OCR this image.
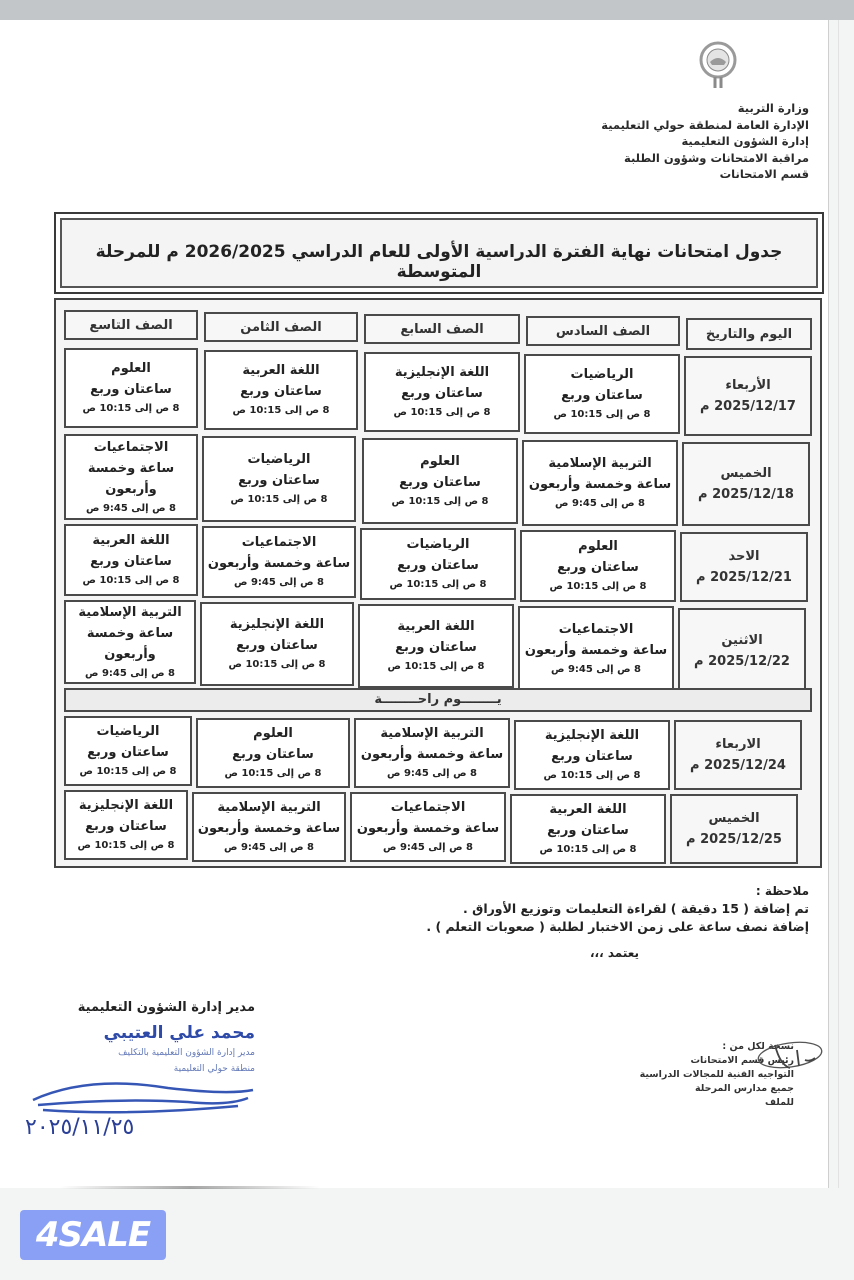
وزارة التربية
الإدارة العامة لمنطقة حولي التعليمية
إدارة الشؤون التعليمية
مراقبة الامتحانات وشؤون الطلبة
قسم الامتحانات
جدول امتحانات نهاية الفترة الدراسية الأولى للعام الدراسي 2026/2025 م للمرحلة المتوسطة
اليوم والتاريخ
الصف السادس
الصف السابع
الصف الثامن
الصف التاسع
الأربعاء
2025/12/17 م
الرياضيات
ساعتان وربع
8 ص إلى 10:15 ص
اللغة الإنجليزية
ساعتان وربع
8 ص إلى 10:15 ص
اللغة العربية
ساعتان وربع
8 ص إلى 10:15 ص
العلوم
ساعتان وربع
8 ص إلى 10:15 ص
الخميس
2025/12/18 م
التربية الإسلامية
ساعة وخمسة وأربعون
8 ص إلى 9:45 ص
العلوم
ساعتان وربع
8 ص إلى 10:15 ص
الرياضيات
ساعتان وربع
8 ص إلى 10:15 ص
الاجتماعيات
ساعة وخمسة وأربعون
8 ص إلى 9:45 ص
الاحد
2025/12/21 م
العلوم
ساعتان وربع
8 ص إلى 10:15 ص
الرياضيات
ساعتان وربع
8 ص إلى 10:15 ص
الاجتماعيات
ساعة وخمسة وأربعون
8 ص إلى 9:45 ص
اللغة العربية
ساعتان وربع
8 ص إلى 10:15 ص
الاثنين
2025/12/22 م
الاجتماعيات
ساعة وخمسة وأربعون
8 ص إلى 9:45 ص
اللغة العربية
ساعتان وربع
8 ص إلى 10:15 ص
اللغة الإنجليزية
ساعتان وربع
8 ص إلى 10:15 ص
التربية الإسلامية
ساعة وخمسة وأربعون
8 ص إلى 9:45 ص
يــــــــوم راحــــــــة
الاربعاء
2025/12/24 م
اللغة الإنجليزية
ساعتان وربع
8 ص إلى 10:15 ص
التربية الإسلامية
ساعة وخمسة وأربعون
8 ص إلى 9:45 ص
العلوم
ساعتان وربع
8 ص إلى 10:15 ص
الرياضيات
ساعتان وربع
8 ص إلى 10:15 ص
الخميس
2025/12/25 م
اللغة العربية
ساعتان وربع
8 ص إلى 10:15 ص
الاجتماعيات
ساعة وخمسة وأربعون
8 ص إلى 9:45 ص
التربية الإسلامية
ساعة وخمسة وأربعون
8 ص إلى 9:45 ص
اللغة الإنجليزية
ساعتان وربع
8 ص إلى 10:15 ص
ملاحظة :
تم إضافة ( 15 دقيقة ) لقراءة التعليمات وتوزيع الأوراق .
إضافة نصف ساعة على زمن الاختبار لطلبة ( صعوبات التعلم ) .
يعتمد ،،،
مدير إدارة الشؤون التعليمية
محمد علي العتيبي
مدير إدارة الشؤون التعليمية بالتكليف
منطقة حولي التعليمية
٢٠٢٥/١١/٢٥
نسخة لكل من :
رئيس قسم الامتحانات
التواجيه الفنية للمجالات الدراسية
جميع مدارس المرحلة
للملف
4SALE
